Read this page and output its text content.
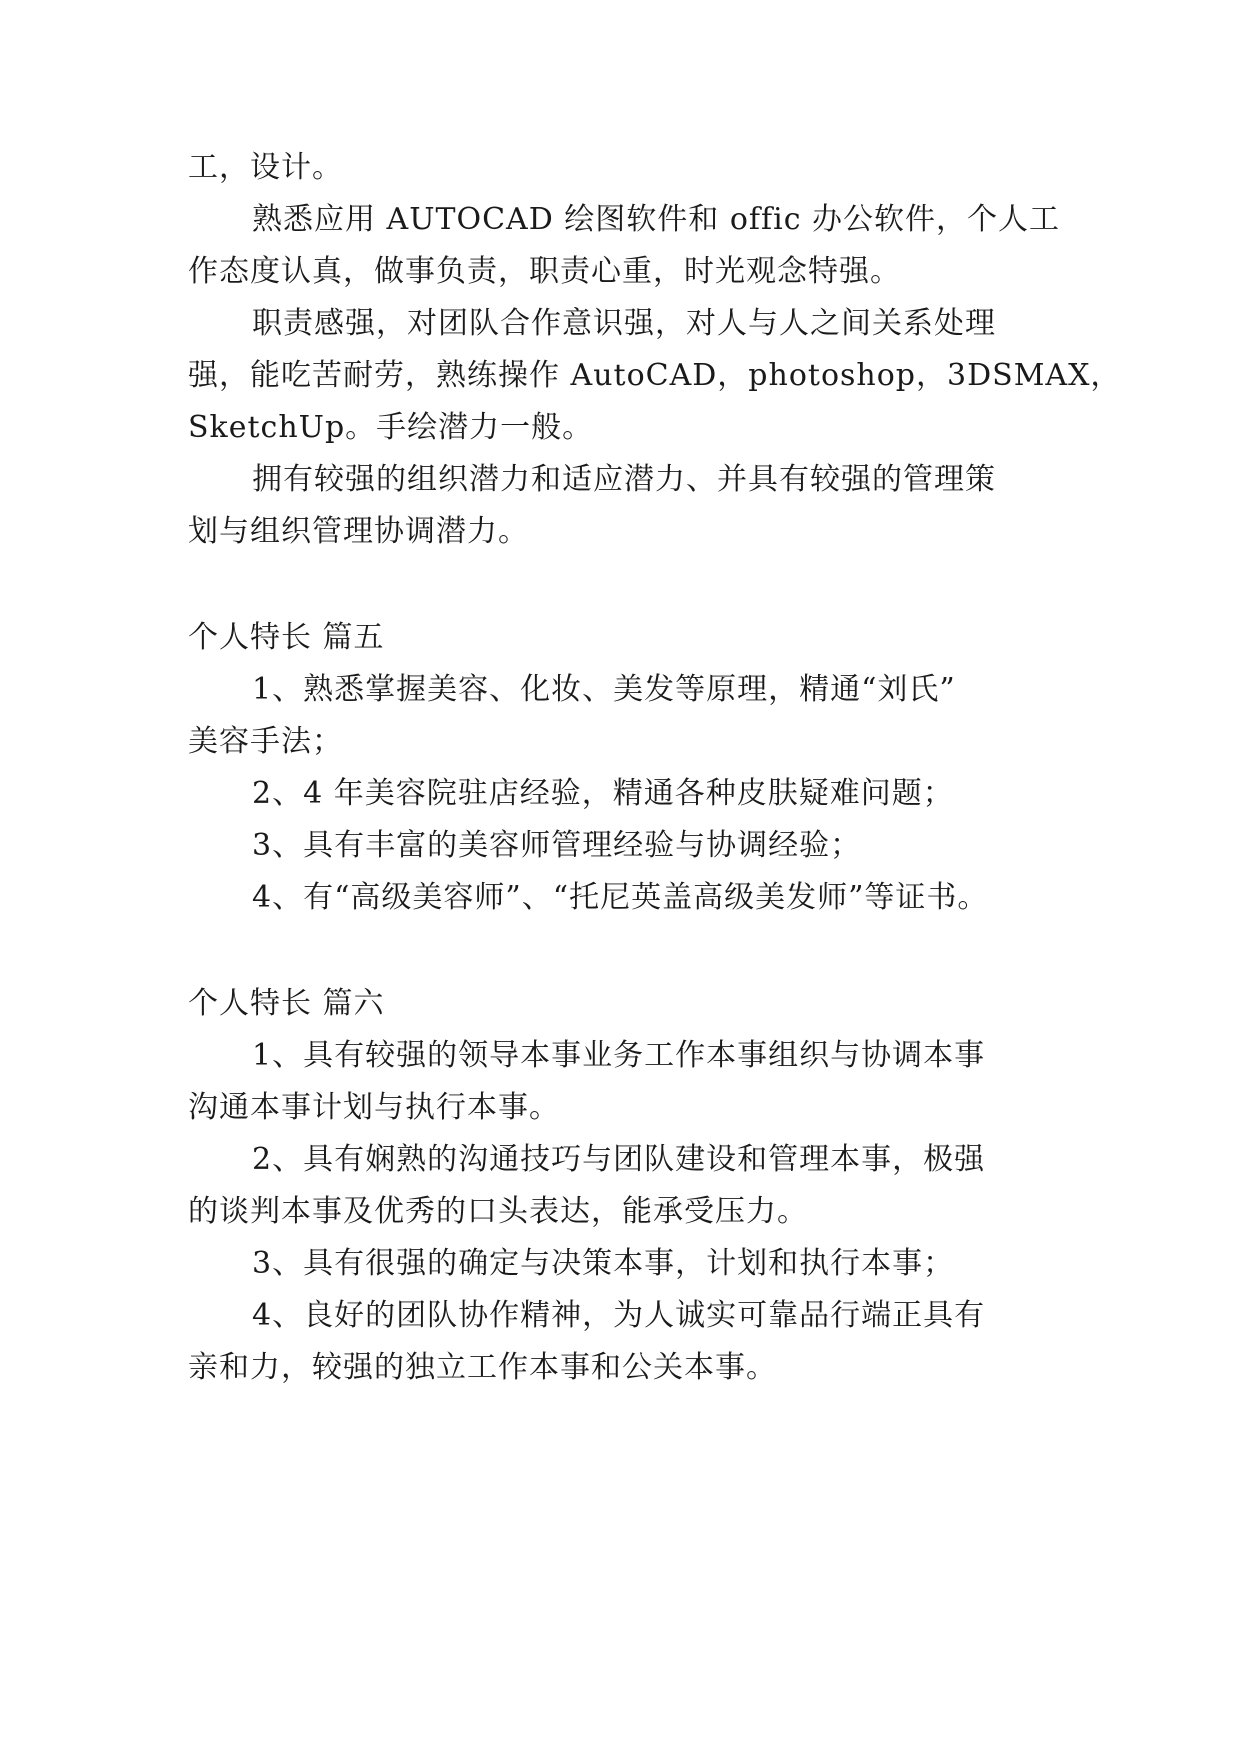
工，设计。
熟悉应用 AUTOCAD 绘图软件和 offic 办公软件，个人工
作态度认真，做事负责，职责心重，时光观念特强。
职责感强，对团队合作意识强，对人与人之间关系处理
强，能吃苦耐劳，熟练操作 AutoCAD，photoshop，3DSMAX，
SketchUp。手绘潜力一般。
拥有较强的组织潜力和适应潜力、并具有较强的管理策
划与组织管理协调潜力。
个人特长 篇五
1、熟悉掌握美容、化妆、美发等原理，精通“刘氏”
美容手法；
2、4 年美容院驻店经验，精通各种皮肤疑难问题；
3、具有丰富的美容师管理经验与协调经验；
4、有“高级美容师”、“托尼英盖高级美发师”等证书。
个人特长 篇六
1、具有较强的领导本事业务工作本事组织与协调本事
沟通本事计划与执行本事。
2、具有娴熟的沟通技巧与团队建设和管理本事，极强
的谈判本事及优秀的口头表达，能承受压力。
3、具有很强的确定与决策本事，计划和执行本事；
4、良好的团队协作精神，为人诚实可靠品行端正具有
亲和力，较强的独立工作本事和公关本事。
